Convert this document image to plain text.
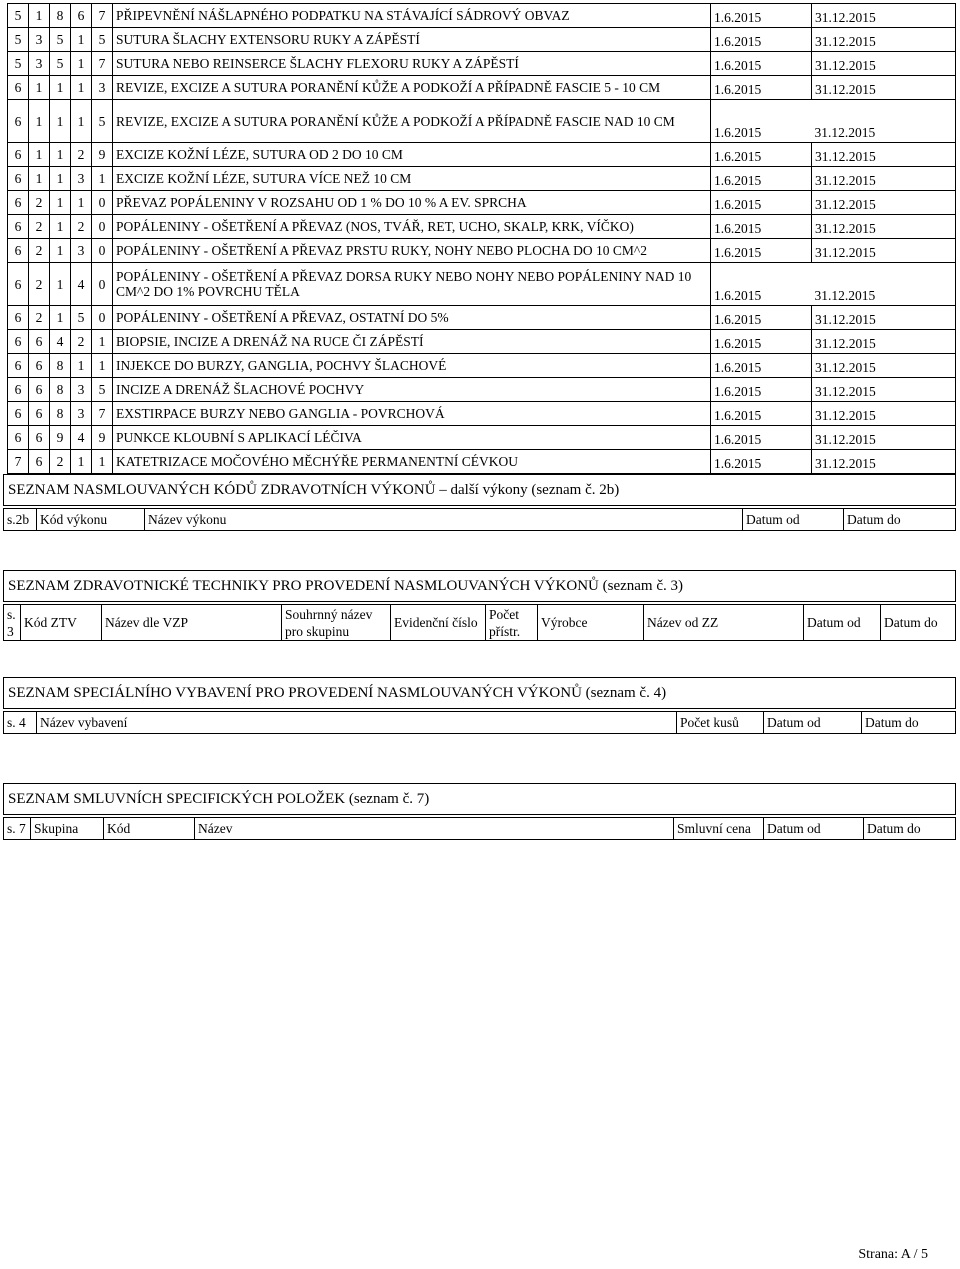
5	1	8	6	7	PŘIPEVNĚNÍ NÁŠLAPNÉHO PODPATKU NA STÁVAJÍCÍ SÁDROVÝ OBVAZ	1.6.2015	31.12.2015
5	3	5	1	5	SUTURA ŠLACHY EXTENSORU RUKY A ZÁPĚSTÍ	1.6.2015	31.12.2015
5	3	5	1	7	SUTURA NEBO REINSERCE ŠLACHY FLEXORU RUKY A ZÁPĚSTÍ	1.6.2015	31.12.2015
6	1	1	1	3	REVIZE, EXCIZE A SUTURA PORANĚNÍ KŮŽE A PODKOŽÍ A PŘÍPADNĚ FASCIE 5 - 10 CM	1.6.2015	31.12.2015
6	1	1	1	5	REVIZE, EXCIZE A SUTURA PORANĚNÍ KŮŽE A PODKOŽÍ A PŘÍPADNĚ FASCIE NAD 10 CM	1.6.2015	31.12.2015
6	1	1	2	9	EXCIZE KOŽNÍ LÉZE, SUTURA OD 2 DO 10 CM	1.6.2015	31.12.2015
6	1	1	3	1	EXCIZE KOŽNÍ LÉZE, SUTURA VÍCE NEŽ 10 CM	1.6.2015	31.12.2015
6	2	1	1	0	PŘEVAZ POPÁLENINY V ROZSAHU OD 1 % DO 10 % A EV. SPRCHA	1.6.2015	31.12.2015
6	2	1	2	0	POPÁLENINY - OŠETŘENÍ A PŘEVAZ (NOS, TVÁŘ, RET, UCHO, SKALP, KRK, VÍČKO)	1.6.2015	31.12.2015
6	2	1	3	0	POPÁLENINY - OŠETŘENÍ A PŘEVAZ PRSTU RUKY, NOHY NEBO PLOCHA DO 10 CM^2	1.6.2015	31.12.2015
6	2	1	4	0	POPÁLENINY - OŠETŘENÍ A PŘEVAZ DORSA RUKY NEBO NOHY NEBO POPÁLENINY NAD 10 CM^2 DO 1% POVRCHU TĚLA	1.6.2015	31.12.2015
6	2	1	5	0	POPÁLENINY - OŠETŘENÍ A PŘEVAZ, OSTATNÍ DO 5%	1.6.2015	31.12.2015
6	6	4	2	1	BIOPSIE, INCIZE A DRENÁŽ NA RUCE ČI ZÁPĚSTÍ	1.6.2015	31.12.2015
6	6	8	1	1	INJEKCE DO BURZY, GANGLIA, POCHVY ŠLACHOVÉ	1.6.2015	31.12.2015
6	6	8	3	5	INCIZE A DRENÁŽ ŠLACHOVÉ POCHVY	1.6.2015	31.12.2015
6	6	8	3	7	EXSTIRPACE BURZY NEBO GANGLIA - POVRCHOVÁ	1.6.2015	31.12.2015
6	6	9	4	9	PUNKCE KLOUBNÍ S APLIKACÍ LÉČIVA	1.6.2015	31.12.2015
7	6	2	1	1	KATETRIZACE MOČOVÉHO MĚCHÝŘE PERMANENTNÍ CÉVKOU	1.6.2015	31.12.2015
SEZNAM NASMLOUVANÝCH KÓDŮ ZDRAVOTNÍCH VÝKONŮ – další výkony (seznam č. 2b)

s.2b	Kód výkonu	Název výkonu	Datum od	Datum do
SEZNAM ZDRAVOTNICKÉ TECHNIKY PRO PROVEDENÍ NASMLOUVANÝCH VÝKONŮ (seznam č. 3)

s. 3	Kód ZTV	Název dle VZP	Souhrnný název pro skupinu	Evidenční číslo	Počet přístr.	Výrobce	Název od ZZ	Datum od	Datum do
SEZNAM SPECIÁLNÍHO VYBAVENÍ PRO PROVEDENÍ NASMLOUVANÝCH VÝKONŮ (seznam č. 4)

s. 4	Název vybavení	Počet kusů	Datum od	Datum do
SEZNAM SMLUVNÍCH SPECIFICKÝCH POLOŽEK (seznam č. 7)

s. 7	Skupina	Kód	Název	Smluvní cena	Datum od	Datum do
Strana: A / 5
